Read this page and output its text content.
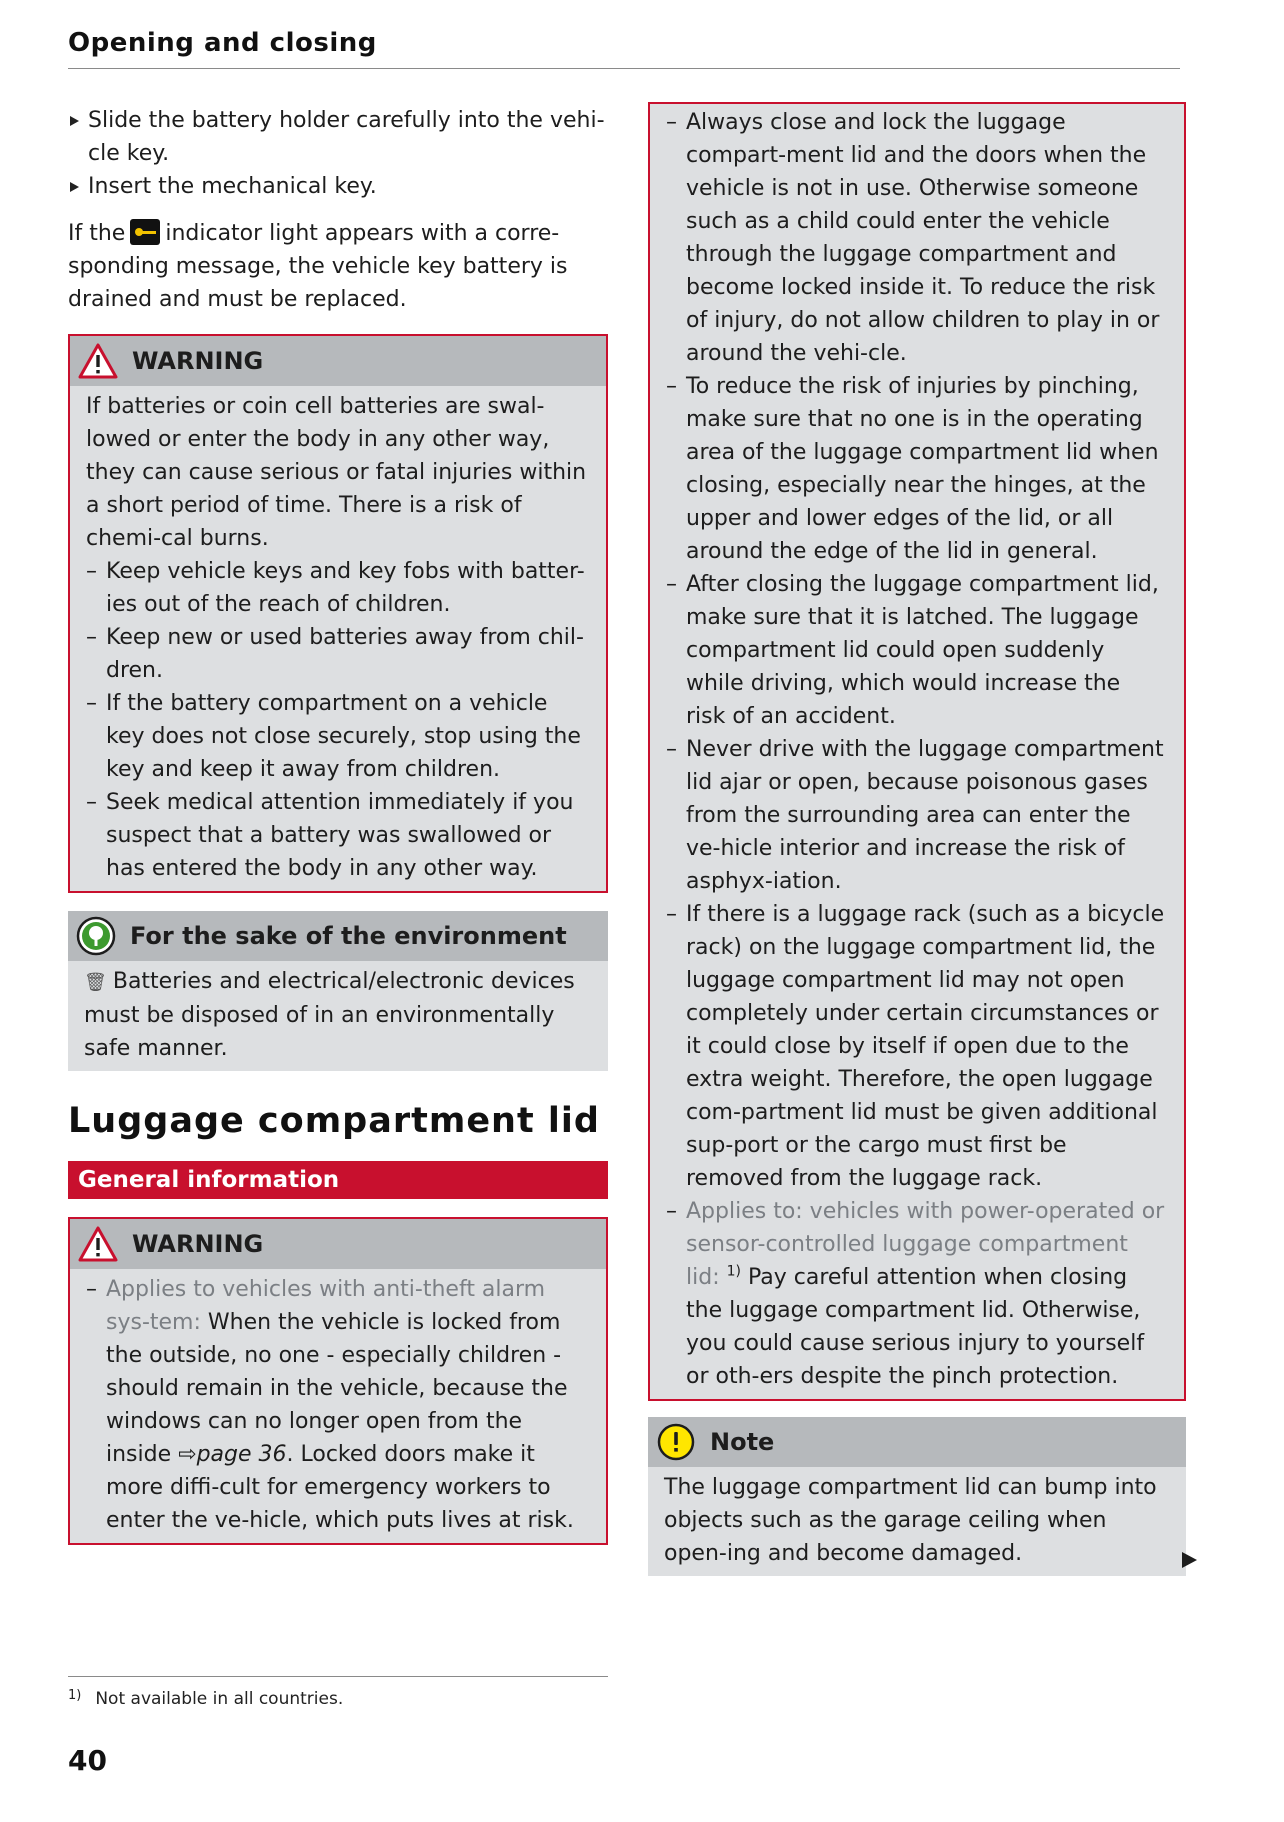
Opening and closing
Slide the battery holder carefully into the vehi-cle key.
Insert the mechanical key.
If the indicator light appears with a corre-sponding message, the vehicle key battery is drained and must be replaced.
WARNING
If batteries or coin cell batteries are swal-lowed or enter the body in any other way, they can cause serious or fatal injuries within a short period of time. There is a risk of chemi-cal burns.
– Keep vehicle keys and key fobs with batter-ies out of the reach of children.
– Keep new or used batteries away from chil-dren.
– If the battery compartment on a vehicle key does not close securely, stop using the key and keep it away from children.
– Seek medical attention immediately if you suspect that a battery was swallowed or has entered the body in any other way.
For the sake of the environment
🗑 Batteries and electrical/electronic devices must be disposed of in an environmentally safe manner.
Luggage compartment lid
General information
WARNING
– Applies to vehicles with anti-theft alarm sys-tem: When the vehicle is locked from the outside, no one - especially children - should remain in the vehicle, because the windows can no longer open from the inside ⇨page 36. Locked doors make it more diffi-cult for emergency workers to enter the ve-hicle, which puts lives at risk.
– Always close and lock the luggage compart-ment lid and the doors when the vehicle is not in use. Otherwise someone such as a child could enter the vehicle through the luggage compartment and become locked inside it. To reduce the risk of injury, do not allow children to play in or around the vehi-cle.
– To reduce the risk of injuries by pinching, make sure that no one is in the operating area of the luggage compartment lid when closing, especially near the hinges, at the upper and lower edges of the lid, or all around the edge of the lid in general.
– After closing the luggage compartment lid, make sure that it is latched. The luggage compartment lid could open suddenly while driving, which would increase the risk of an accident.
– Never drive with the luggage compartment lid ajar or open, because poisonous gases from the surrounding area can enter the ve-hicle interior and increase the risk of asphyx-iation.
– If there is a luggage rack (such as a bicycle rack) on the luggage compartment lid, the luggage compartment lid may not open completely under certain circumstances or it could close by itself if open due to the extra weight. Therefore, the open luggage com-partment lid must be given additional sup-port or the cargo must first be removed from the luggage rack.
– Applies to: vehicles with power-operated or sensor-controlled luggage compartment lid: $^{1)}$ Pay careful attention when closing the luggage compartment lid. Otherwise, you could cause serious injury to yourself or oth-ers despite the pinch protection.
Note
The luggage compartment lid can bump into objects such as the garage ceiling when open-ing and become damaged.
$^{1)}$ Not available in all countries.
40
